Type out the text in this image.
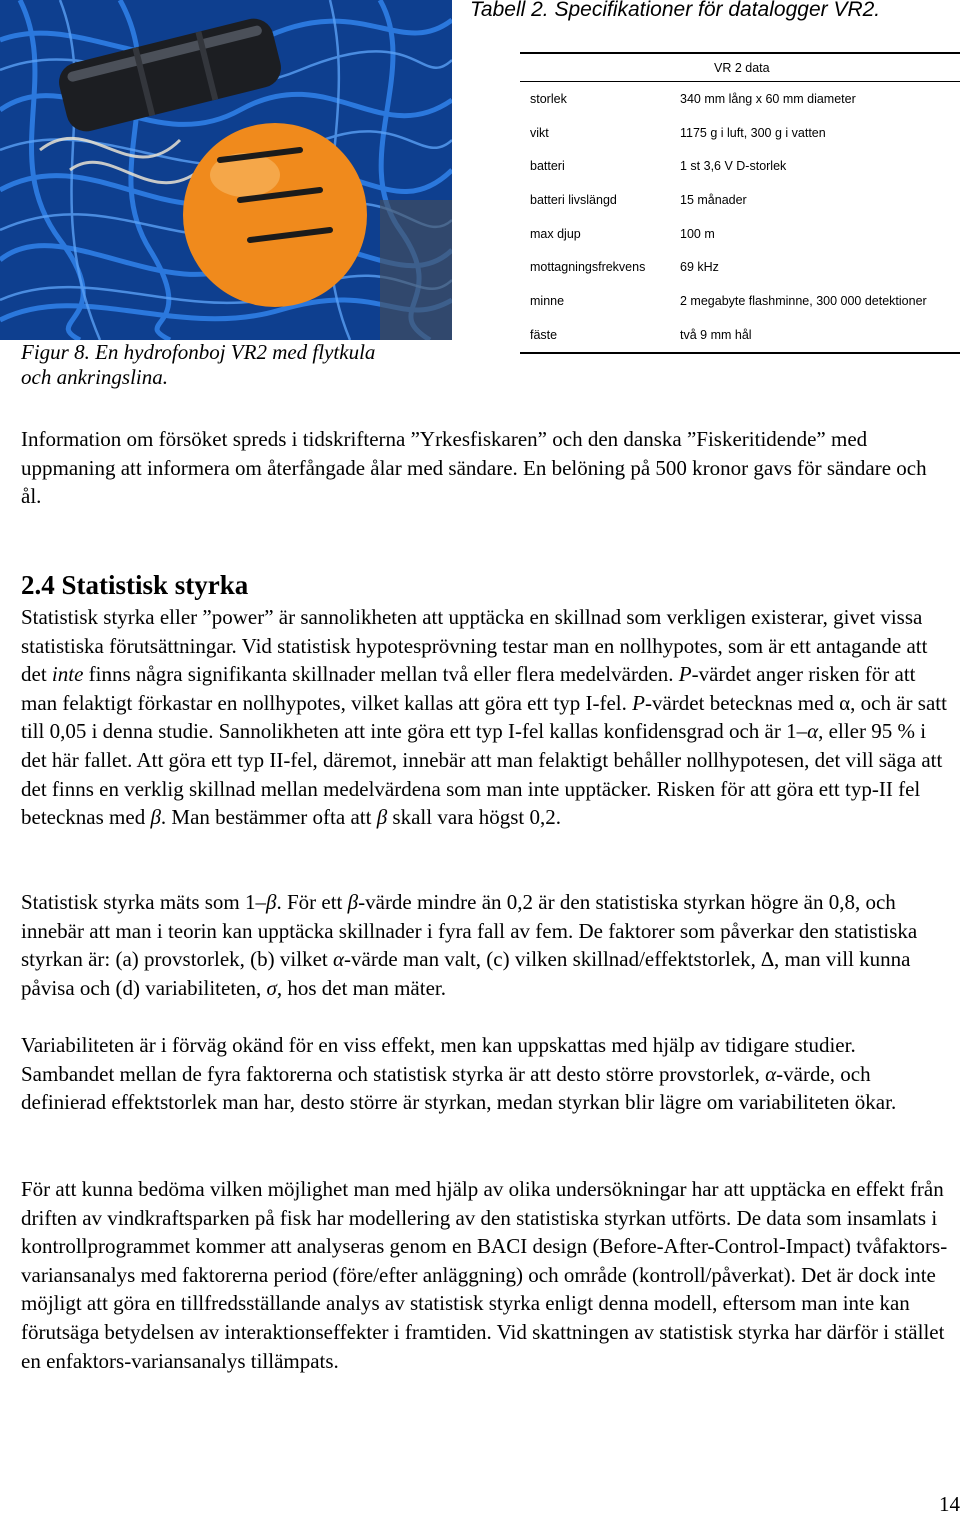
Figur 8. En hydrofonboj VR2 med flytkula
och ankringslina.
Tabell 2. Specifikationer för datalogger VR2.
VR 2 data	
storlek	340 mm lång x 60 mm diameter
vikt	1175 g i luft, 300 g i vatten
batteri	1 st 3,6 V D-storlek
batteri livslängd	15 månader
max djup	100 m
mottagningsfrekvens	69 kHz
minne	2 megabyte flashminne, 300 000 detektioner
fäste	två 9 mm hål

Information om försöket spreds i tidskrifterna ”Yrkesfiskaren” och den danska ”Fiskeritidende” med uppmaning att informera om återfångade ålar med sändare. En belöning på 500 kronor gavs för sändare och ål.

2.4 Statistisk styrka

Statistisk styrka eller ”power” är sannolikheten att upptäcka en skillnad som verkligen existerar, givet vissa statistiska förutsättningar. Vid statistisk hypotesprövning testar man en nollhypotes, som är ett antagande att det inte finns några signifikanta skillnader mellan två eller flera medelvärden. P-värdet anger risken för att man felaktigt förkastar en nollhypotes, vilket kallas att göra ett typ I-fel. P-värdet betecknas med α, och är satt till 0,05 i denna studie. Sannolikheten att inte göra ett typ I-fel kallas konfidensgrad och är 1–α, eller 95 % i det här fallet. Att göra ett typ II-fel, däremot, innebär att man felaktigt behåller nollhypotesen, det vill säga att det finns en verklig skillnad mellan medelvärdena som man inte upptäcker. Risken för att göra ett typ-II fel betecknas med β. Man bestämmer ofta att β skall vara högst 0,2.

Statistisk styrka mäts som 1–β. För ett β-värde mindre än 0,2 är den statistiska styrkan högre än 0,8, och innebär att man i teorin kan upptäcka skillnader i fyra fall av fem. De faktorer som påverkar den statistiska styrkan är: (a) provstorlek, (b) vilket α-värde man valt, (c) vilken skillnad/effektstorlek, ∆, man vill kunna påvisa och (d) variabiliteten, σ, hos det man mäter.

Variabiliteten är i förväg okänd för en viss effekt, men kan uppskattas med hjälp av tidigare studier. Sambandet mellan de fyra faktorerna och statistisk styrka är att desto större provstorlek, α-värde, och definierad effektstorlek man har, desto större är styrkan, medan styrkan blir lägre om variabiliteten ökar.

För att kunna bedöma vilken möjlighet man med hjälp av olika undersökningar har att upptäcka en effekt från driften av vindkraftsparken på fisk har modellering av den statistiska styrkan utförts. De data som insamlats i kontrollprogrammet kommer att analyseras genom en BACI design (Before-After-Control-Impact) tvåfaktors-variansanalys med faktorerna period (före/efter anläggning) och område (kontroll/påverkat). Det är dock inte möjligt att göra en tillfredsställande analys av statistisk styrka enligt denna modell, eftersom man inte kan förutsäga betydelsen av interaktionseffekter i framtiden. Vid skattningen av statistisk styrka har därför i stället en enfaktors-variansanalys tillämpats.

14
